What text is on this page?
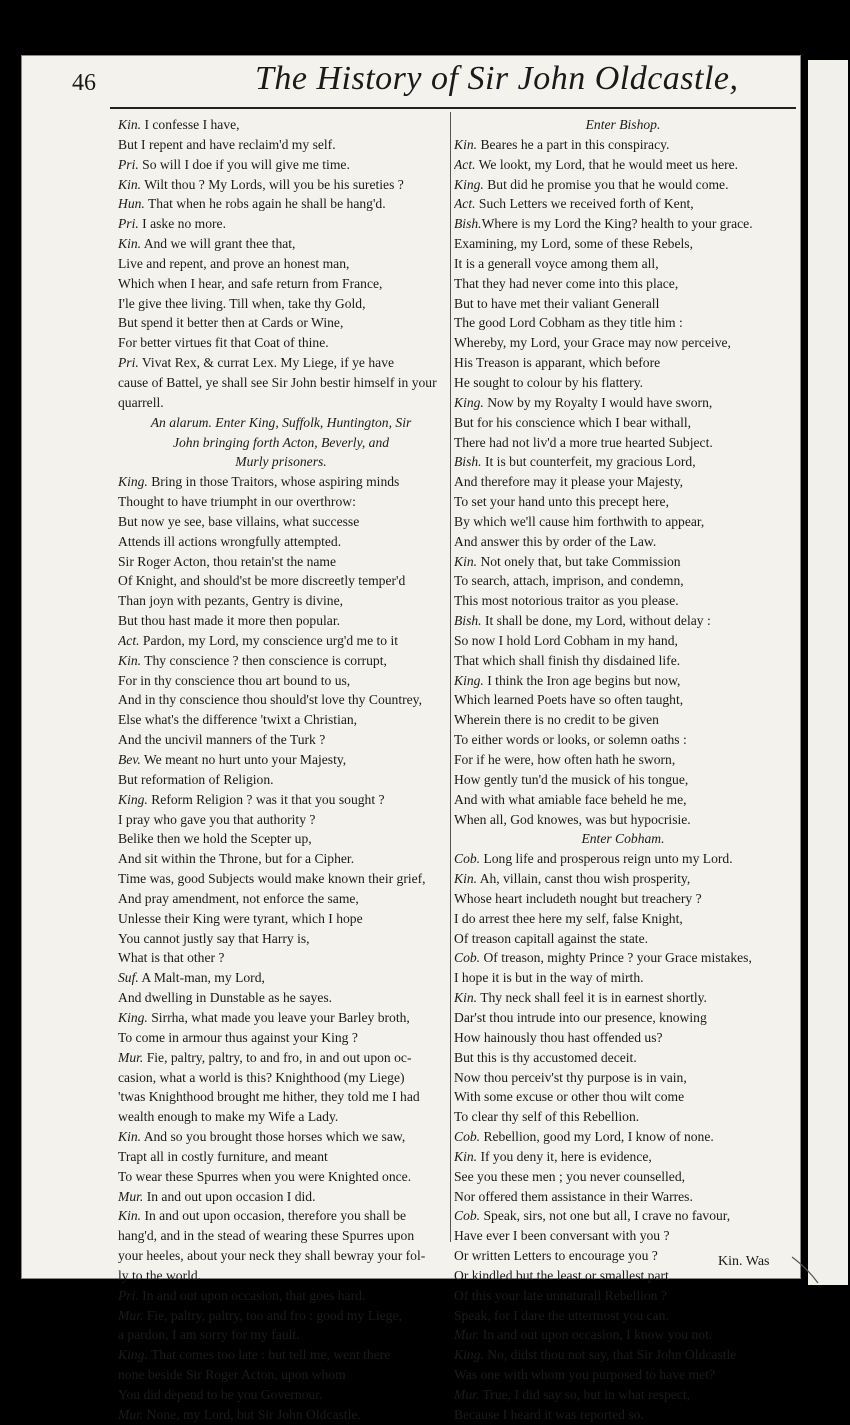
46	The History of Sir John Oldcastle,
Kin. I confesse I have,
But I repent and have reclaim'd my self.
Pri. So will I doe if you will give me time.
Kin. Wilt thou ? My Lords, will you be his sureties ?
Hun. That when he robs again he shall be hang'd.
Pri. I aske no more.
Kin. And we will grant thee that,
Live and repent, and prove an honest man,
Which when I hear, and safe return from France,
I'le give thee living. Till when, take thy Gold,
But spend it better then at Cards or Wine,
For better virtues fit that Coat of thine.
Pri. Vivat Rex, & currat Lex. My Liege, if ye have
cause of Battel, ye shall see Sir John bestir himself in your
quarrell.
An alarum. Enter King, Suffolk, Huntington, Sir
John bringing forth Acton, Beverly, and
Murly prisoners.
King. Bring in those Traitors, whose aspiring minds
Thought to have triumpht in our overthrow:
But now ye see, base villains, what successe
Attends ill actions wrongfully attempted.
Sir Roger Acton, thou retain'st the name
Of Knight, and should'st be more discreetly temper'd
Than joyn with pezants, Gentry is divine,
But thou hast made it more then popular.
Act. Pardon, my Lord, my conscience urg'd me to it
Kin. Thy conscience ? then conscience is corrupt,
For in thy conscience thou art bound to us,
And in thy conscience thou should'st love thy Countrey,
Else what's the difference 'twixt a Christian,
And the uncivil manners of the Turk ?
Bev. We meant no hurt unto your Majesty,
But reformation of Religion.
King. Reform Religion ? was it that you sought ?
I pray who gave you that authority ?
Belike then we hold the Scepter up,
And sit within the Throne, but for a Cipher.
Time was, good Subjects would make known their grief,
And pray amendment, not enforce the same,
Unlesse their King were tyrant, which I hope
You cannot justly say that Harry is,
What is that other ?
Suf. A Malt-man, my Lord,
And dwelling in Dunstable as he sayes.
King. Sirrha, what made you leave your Barley broth,
To come in armour thus against your King ?
Mur. Fie, paltry, paltry, to and fro, in and out upon oc-
casion, what a world is this? Knighthood (my Liege)
'twas Knighthood brought me hither, they told me I had
wealth enough to make my Wife a Lady.
Kin. And so you brought those horses which we saw,
Trapt all in costly furniture, and meant
To wear these Spurres when you were Knighted once.
Mur. In and out upon occasion I did.
Kin. In and out upon occasion, therefore you shall be
hang'd, and in the stead of wearing these Spurres upon
your heeles, about your neck they shall bewray your fol-
ly to the world.
Pri. In and out upon occasion, that goes hard.
Mur. Fie, paltry, paltry, too and fro : good my Liege,
a pardon, I am sorry for my fault.
King. That comes too late : but tell me, went there
none beside Sir Roger Acton, upon whom
You did depend to be you Governour.
Mur. None, my Lord, but Sir John Oldcastle.
Enter Bishop.
Kin. Beares he a part in this conspiracy.
Act. We lookt, my Lord, that he would meet us here.
King. But did he promise you that he would come.
Act. Such Letters we received forth of Kent,
Bish.Where is my Lord the King? health to your grace.
Examining, my Lord, some of these Rebels,
It is a generall voyce among them all,
That they had never come into this place,
But to have met their valiant Generall
The good Lord Cobham as they title him :
Whereby, my Lord, your Grace may now perceive,
His Treason is apparant, which before
He sought to colour by his flattery.
King. Now by my Royalty I would have sworn,
But for his conscience which I bear withall,
There had not liv'd a more true hearted Subject.
Bish. It is but counterfeit, my gracious Lord,
And therefore may it please your Majesty,
To set your hand unto this precept here,
By which we'll cause him forthwith to appear,
And answer this by order of the Law.
Kin. Not onely that, but take Commission
To search, attach, imprison, and condemn,
This most notorious traitor as you please.
Bish. It shall be done, my Lord, without delay :
So now I hold Lord Cobham in my hand,
That which shall finish thy disdained life.
King. I think the Iron age begins but now,
Which learned Poets have so often taught,
Wherein there is no credit to be given
To either words or looks, or solemn oaths :
For if he were, how often hath he sworn,
How gently tun'd the musick of his tongue,
And with what amiable face beheld he me,
When all, God knowes, was but hypocrisie.
Enter Cobham.
Cob. Long life and prosperous reign unto my Lord.
Kin. Ah, villain, canst thou wish prosperity,
Whose heart includeth nought but treachery ?
I do arrest thee here my self, false Knight,
Of treason capitall against the state.
Cob. Of treason, mighty Prince ? your Grace mistakes,
I hope it is but in the way of mirth.
Kin. Thy neck shall feel it is in earnest shortly.
Dar'st thou intrude into our presence, knowing
How hainously thou hast offended us?
But this is thy accustomed deceit.
Now thou perceiv'st thy purpose is in vain,
With some excuse or other thou wilt come
To clear thy self of this Rebellion.
Cob. Rebellion, good my Lord, I know of none.
Kin. If you deny it, here is evidence,
See you these men ; you never counselled,
Nor offered them assistance in their Warres.
Cob. Speak, sirs, not one but all, I crave no favour,
Have ever I been conversant with you ?
Or written Letters to encourage you ?
Or kindled but the least or smallest part
Of this your late unnaturall Rebellion ?
Speak, for I dare the uttermost you can.
Mur. In and out upon occasion, I know you not.
King. No, didst thou not say, that Sir John Oldcastle
Was one with whom you purposed to have met?
Mur. True, I did say so, but in what respect,
Because I heard it was reported so.
Kin. Was
